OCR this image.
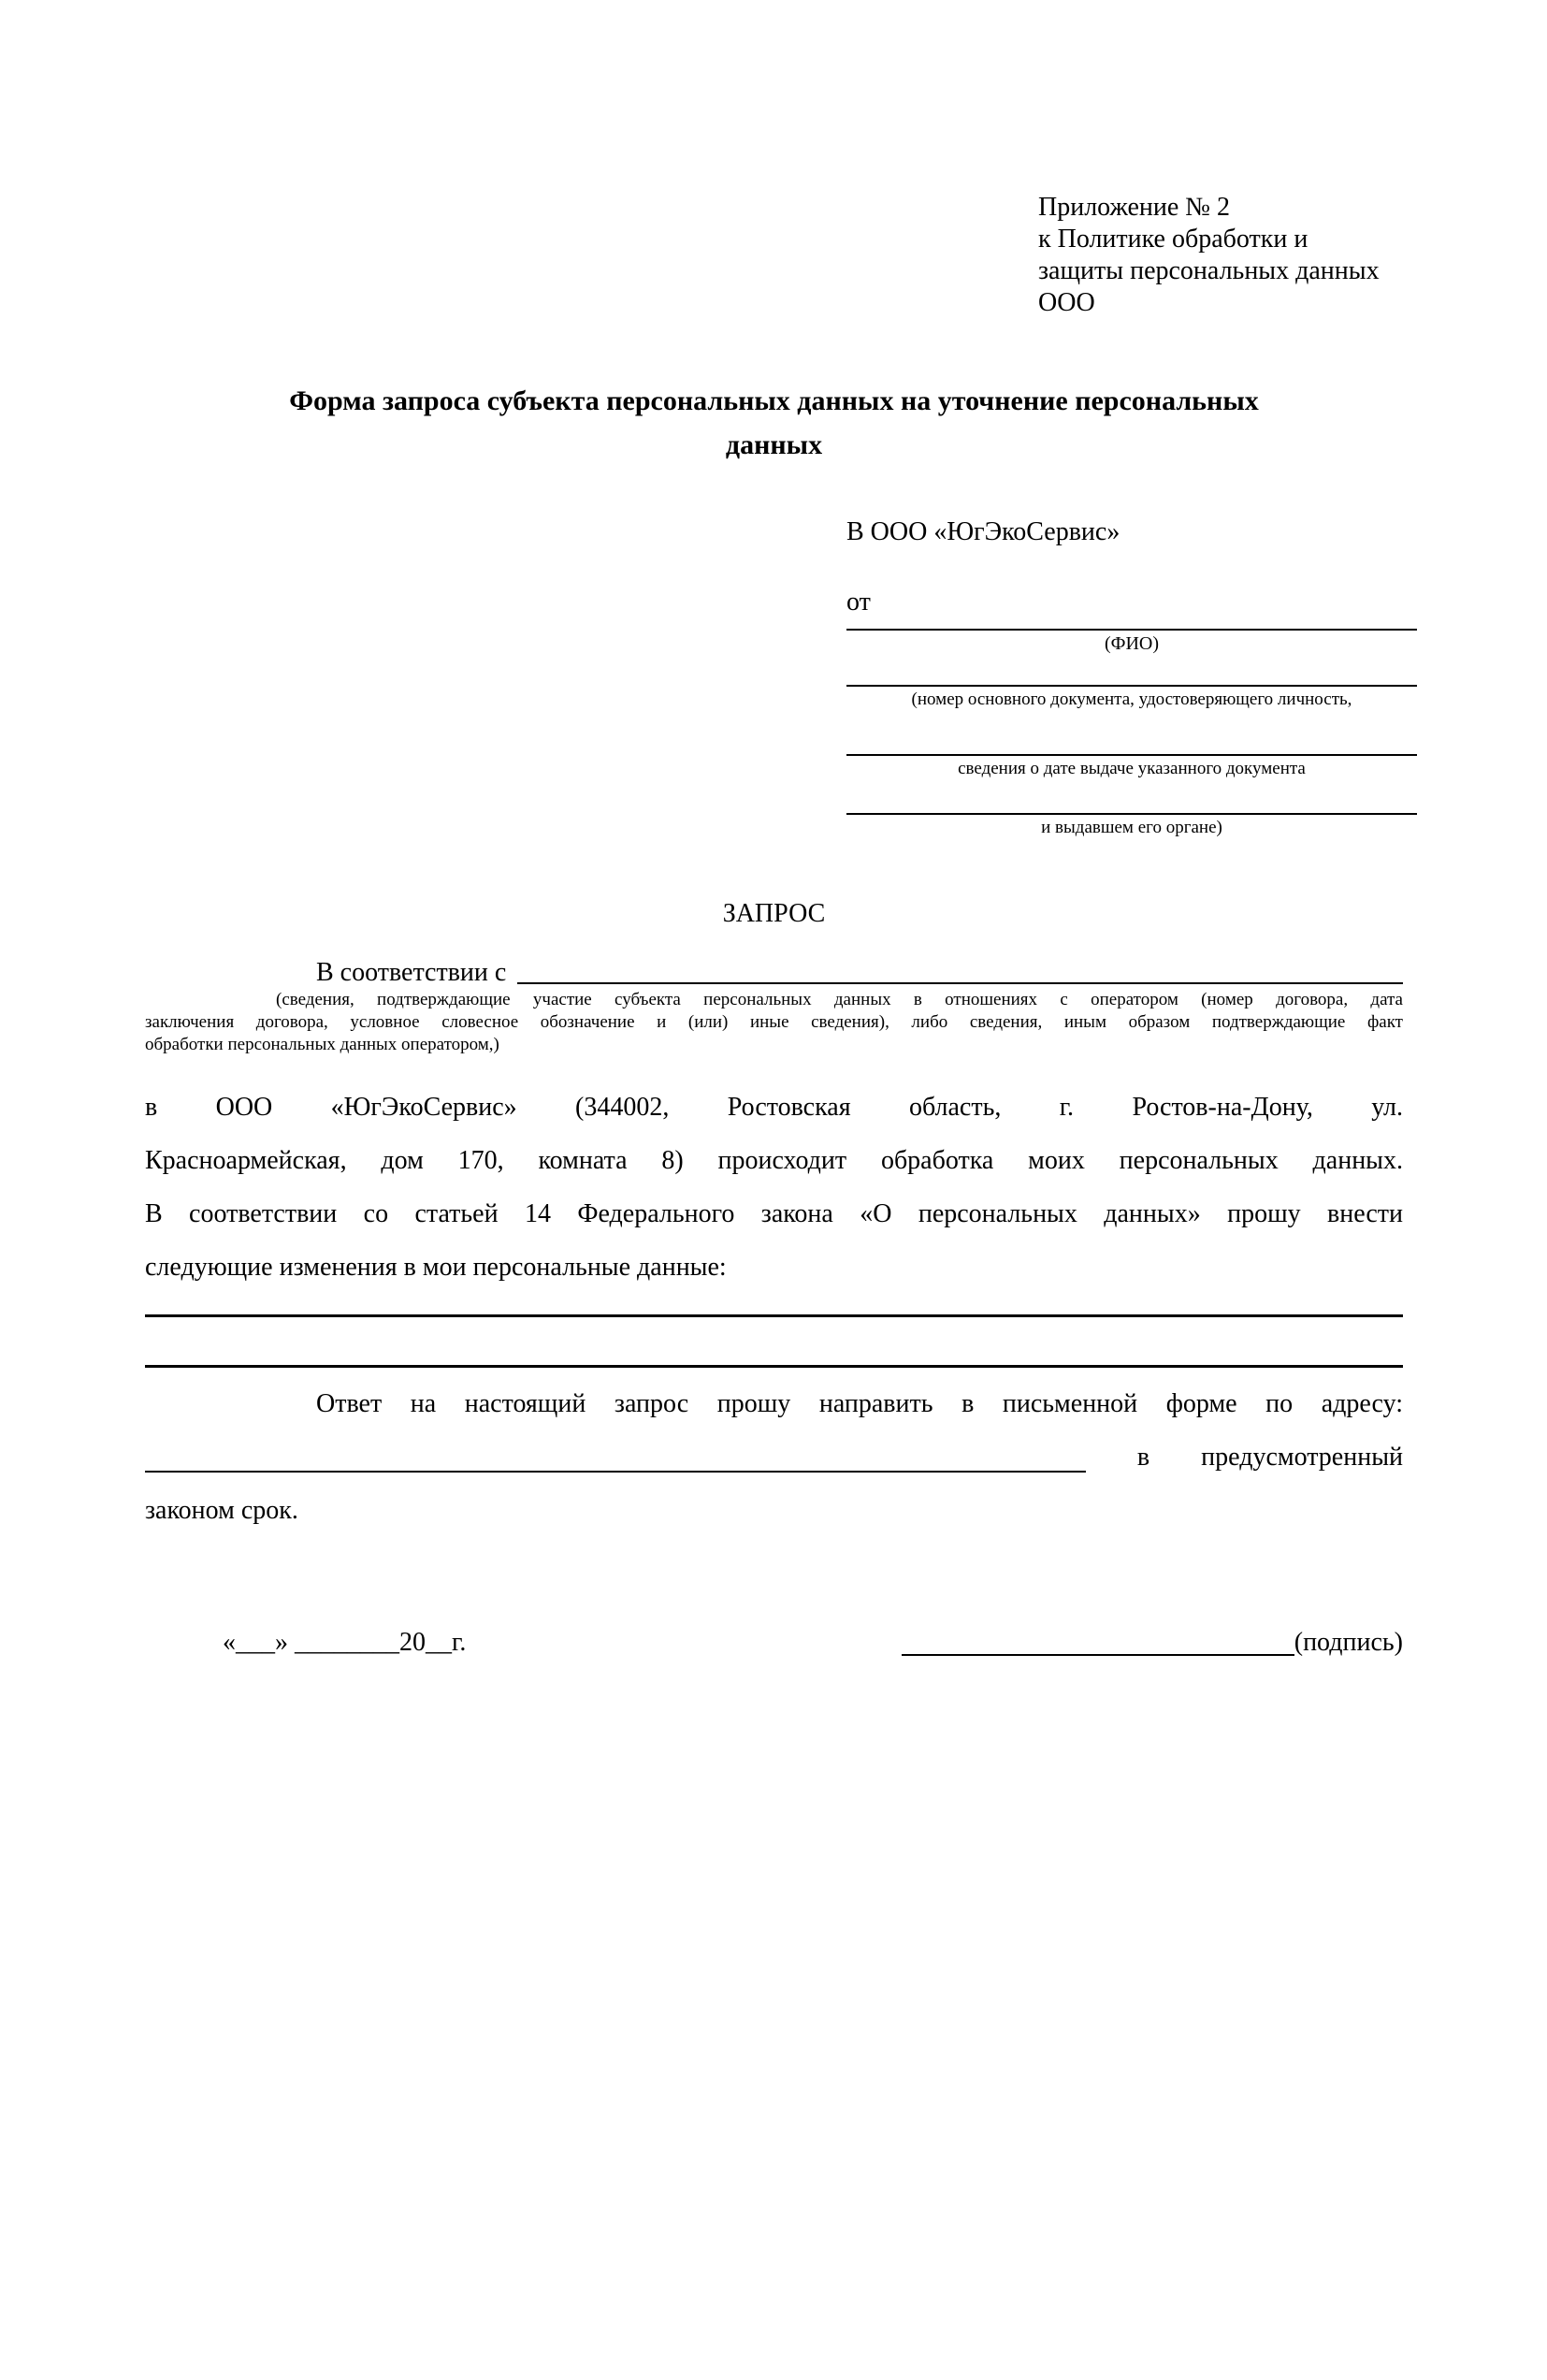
Приложение № 2
к Политике обработки и
защиты персональных данных
ООО
Форма запроса субъекта персональных данных на уточнение персональных данных
В ООО «ЮгЭкоСервис»
от
(ФИО)
(номер основного документа, удостоверяющего личность,
сведения о дате выдаче указанного документа
и выдавшем его органе)
ЗАПРОС
В соответствии с
(сведения, подтверждающие участие субъекта персональных данных в отношениях с оператором (номер договора, дата
заключения договора, условное словесное обозначение и (или) иные сведения), либо сведения, иным образом подтверждающие факт
обработки персональных данных оператором,)
в ООО «ЮгЭкоСервис» (344002, Ростовская область, г. Ростов-на-Дону, ул.
Красноармейская, дом 170, комната 8) происходит обработка моих персональных данных.
В соответствии со статьей 14 Федерального закона «О персональных данных» прошу внести
следующие изменения в мои персональные данные:
Ответ на настоящий запрос прошу направить в письменной форме по адресу:
в предусмотренный
законом срок.
«___» ________20__г.	(подпись)
